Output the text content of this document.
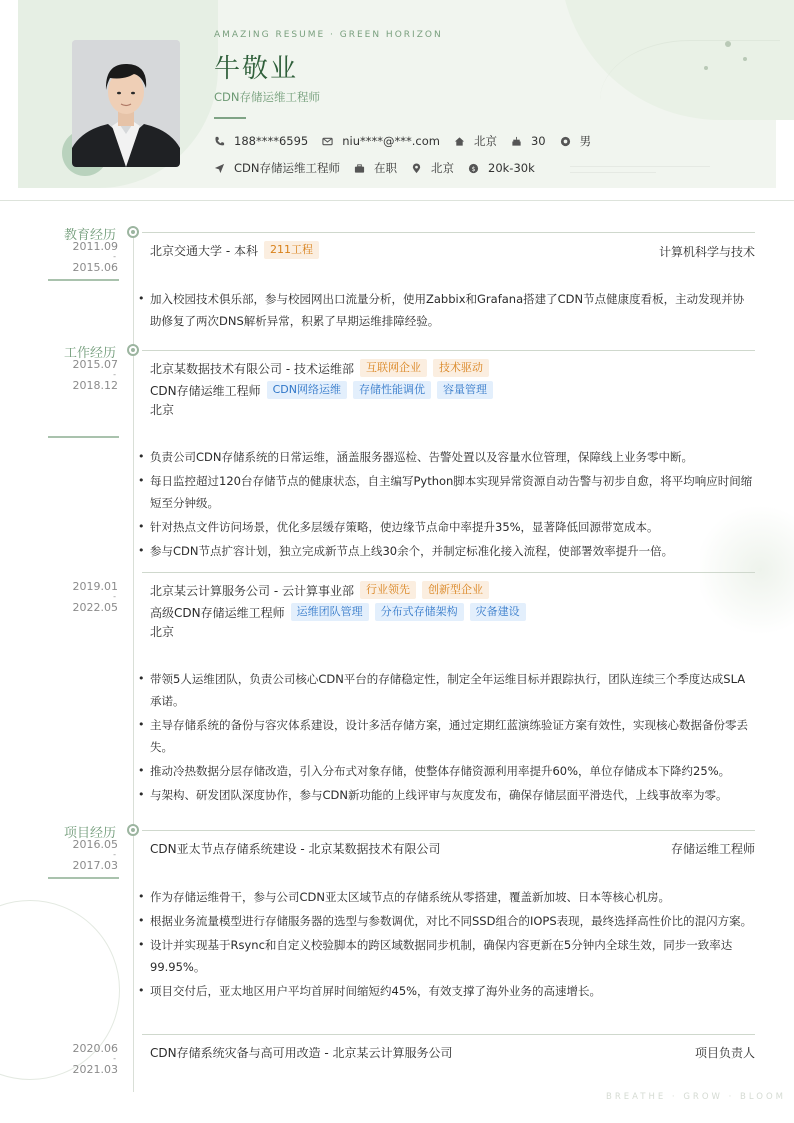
AMAZING RESUME · GREEN HORIZON
牛敬业
CDN存储运维工程师
188****6595	niu****@***.com	北京	30	男
CDN存储运维工程师	在职	北京 $ 20k-30k
教育经历
2011.09
-
2015.06
北京交通大学 - 本科	211工程	计算机科学与技术
• 加入校园技术俱乐部，参与校园网出口流量分析，使用Zabbix和Grafana搭建了CDN节点健康度看板，主动发现并协助修复了两次DNS解析异常，积累了早期运维排障经验。
工作经历
2015.07
-
2018.12
北京某数据技术有限公司 - 技术运维部	互联网企业	技术驱动
CDN存储运维工程师	CDN网络运维	存储性能调优	容量管理
北京
• 负责公司CDN存储系统的日常运维，涵盖服务器巡检、告警处置以及容量水位管理，保障线上业务零中断。
• 每日监控超过120台存储节点的健康状态，自主编写Python脚本实现异常资源自动告警与初步自愈，将平均响应时间缩短至分钟级。
• 针对热点文件访问场景，优化多层缓存策略，使边缘节点命中率提升35%，显著降低回源带宽成本。
• 参与CDN节点扩容计划，独立完成新节点上线30余个，并制定标准化接入流程，使部署效率提升一倍。
2019.01
-
2022.05
北京某云计算服务公司 - 云计算事业部	行业领先	创新型企业
高级CDN存储运维工程师	运维团队管理	分布式存储架构	灾备建设
北京
• 带领5人运维团队，负责公司核心CDN平台的存储稳定性，制定全年运维目标并跟踪执行，团队连续三个季度达成SLA承诺。
• 主导存储系统的备份与容灾体系建设，设计多活存储方案，通过定期红蓝演练验证方案有效性，实现核心数据备份零丢失。
• 推动冷热数据分层存储改造，引入分布式对象存储，使整体存储资源利用率提升60%，单位存储成本下降约25%。
• 与架构、研发团队深度协作，参与CDN新功能的上线评审与灰度发布，确保存储层面平滑迭代，上线事故率为零。
项目经历
2016.05
-
2017.03
CDN亚太节点存储系统建设 - 北京某数据技术有限公司	存储运维工程师
• 作为存储运维骨干，参与公司CDN亚太区域节点的存储系统从零搭建，覆盖新加坡、日本等核心机房。
• 根据业务流量模型进行存储服务器的选型与参数调优，对比不同SSD组合的IOPS表现，最终选择高性价比的混闪方案。
• 设计并实现基于Rsync和自定义校验脚本的跨区域数据同步机制，确保内容更新在5分钟内全球生效，同步一致率达99.95%。
• 项目交付后，亚太地区用户平均首屏时间缩短约45%，有效支撑了海外业务的高速增长。
2020.06
-
2021.03
CDN存储系统灾备与高可用改造 - 北京某云计算服务公司	项目负责人
BREATHE · GROW · BLOOM
